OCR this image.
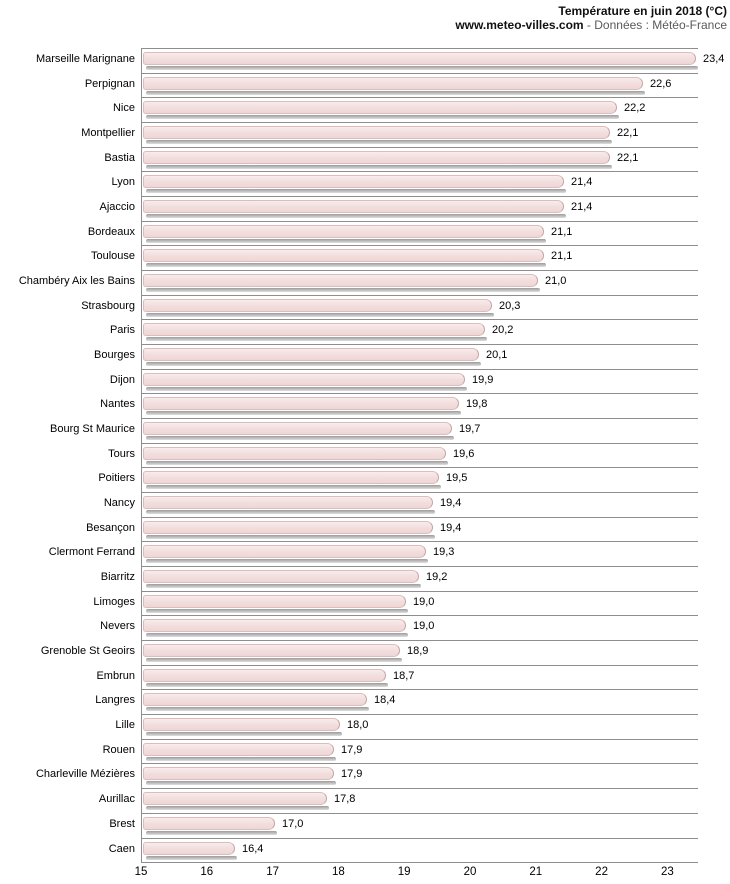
Température en juin 2018 (°C)
www.meteo-villes.com - Données : Météo-France
Marseille Marignane	23,4
Perpignan	22,6
Nice	22,2
Montpellier	22,1
Bastia	22,1
Lyon	21,4
Ajaccio	21,4
Bordeaux	21,1
Toulouse	21,1
Chambéry Aix les Bains	21,0
Strasbourg	20,3
Paris	20,2
Bourges	20,1
Dijon	19,9
Nantes	19,8
Bourg St Maurice	19,7
Tours	19,6
Poitiers	19,5
Nancy	19,4
Besançon	19,4
Clermont Ferrand	19,3
Biarritz	19,2
Limoges	19,0
Nevers	19,0
Grenoble St Geoirs	18,9
Embrun	18,7
Langres	18,4
Lille	18,0
Rouen	17,9
Charleville Mézières	17,9
Aurillac	17,8
Brest	17,0
Caen	16,4
15	16	17	18	19	20	21	22	23
